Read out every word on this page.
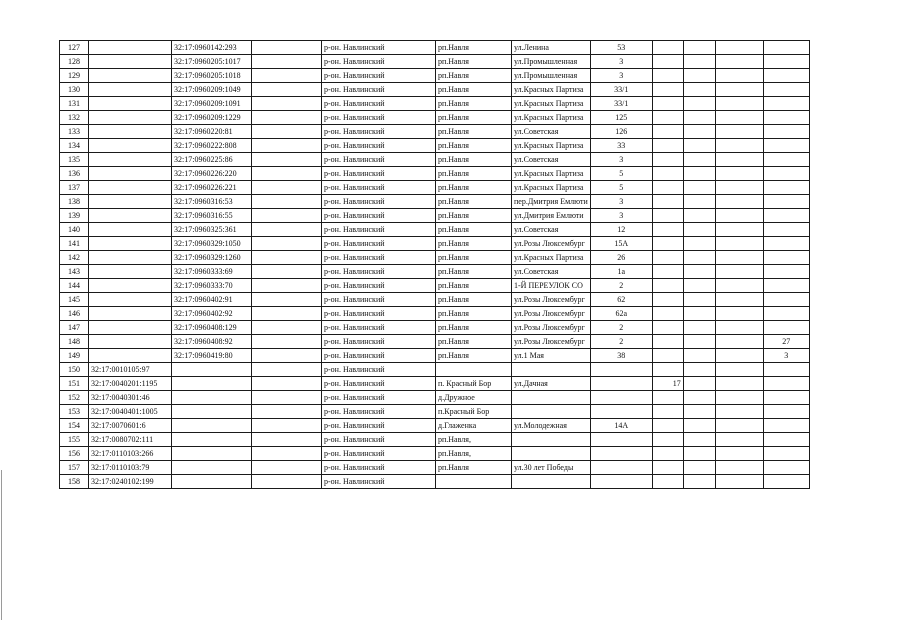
127		32:17:0960142:293		р-он. Навлинский	рп.Навля	ул.Ленина	53				
128		32:17:0960205:1017		р-он. Навлинский	рп.Навля	ул.Промышленная	3				
129		32:17:0960205:1018		р-он. Навлинский	рп.Навля	ул.Промышленная	3				
130		32:17:0960209:1049		р-он. Навлинский	рп.Навля	ул.Красных Партиза	33/1				
131		32:17:0960209:1091		р-он. Навлинский	рп.Навля	ул.Красных Партиза	33/1				
132		32:17:0960209:1229		р-он. Навлинский	рп.Навля	ул.Красных Партиза	125				
133		32:17:0960220:81		р-он. Навлинский	рп.Навля	ул.Советская	126				
134		32:17:0960222:808		р-он. Навлинский	рп.Навля	ул.Красных Партиза	33				
135		32:17:0960225:86		р-он. Навлинский	рп.Навля	ул.Советская	3				
136		32:17:0960226:220		р-он. Навлинский	рп.Навля	ул.Красных Партиза	5				
137		32:17:0960226:221		р-он. Навлинский	рп.Навля	ул.Красных Партиза	5				
138		32:17:0960316:53		р-он. Навлинский	рп.Навля	пер.Дмитрия Емлюти	3				
139		32:17:0960316:55		р-он. Навлинский	рп.Навля	ул.Дмитрия Емлюти	3				
140		32:17:0960325:361		р-он. Навлинский	рп.Навля	ул.Советская	12				
141		32:17:0960329:1050		р-он. Навлинский	рп.Навля	ул.Розы Люксембург	15А				
142		32:17:0960329:1260		р-он. Навлинский	рп.Навля	ул.Красных Партиза	26				
143		32:17:0960333:69		р-он. Навлинский	рп.Навля	ул.Советская	1а				
144		32:17:0960333:70		р-он. Навлинский	рп.Навля	1-Й ПЕРЕУЛОК СО	2				
145		32:17:0960402:91		р-он. Навлинский	рп.Навля	ул.Розы Люксембург	62				
146		32:17:0960402:92		р-он. Навлинский	рп.Навля	ул.Розы Люксембург	62а				
147		32:17:0960408:129		р-он. Навлинский	рп.Навля	ул.Розы Люксембург	2				
148		32:17:0960408:92		р-он. Навлинский	рп.Навля	ул.Розы Люксембург	2				27
149		32:17:0960419:80		р-он. Навлинский	рп.Навля	ул.1 Мая	38				3
150	32:17:0010105:97			р-он. Навлинский							
151	32:17:0040201:1195			р-он. Навлинский	п. Красный Бор	ул.Дачная		17			
152	32:17:0040301:46			р-он. Навлинский	д.Дружное						
153	32:17:0040401:1005			р-он. Навлинский	п.Красный Бор						
154	32:17:0070601:6			р-он. Навлинский	д.Глаженка	ул.Молодежная	14А				
155	32:17:0080702:111			р-он. Навлинский	рп.Навля,						
156	32:17:0110103:266			р-он. Навлинский	рп.Навля,						
157	32:17:0110103:79			р-он. Навлинский	рп.Навля	ул.30 лет Победы					
158	32:17:0240102:199			р-он. Навлинский							
